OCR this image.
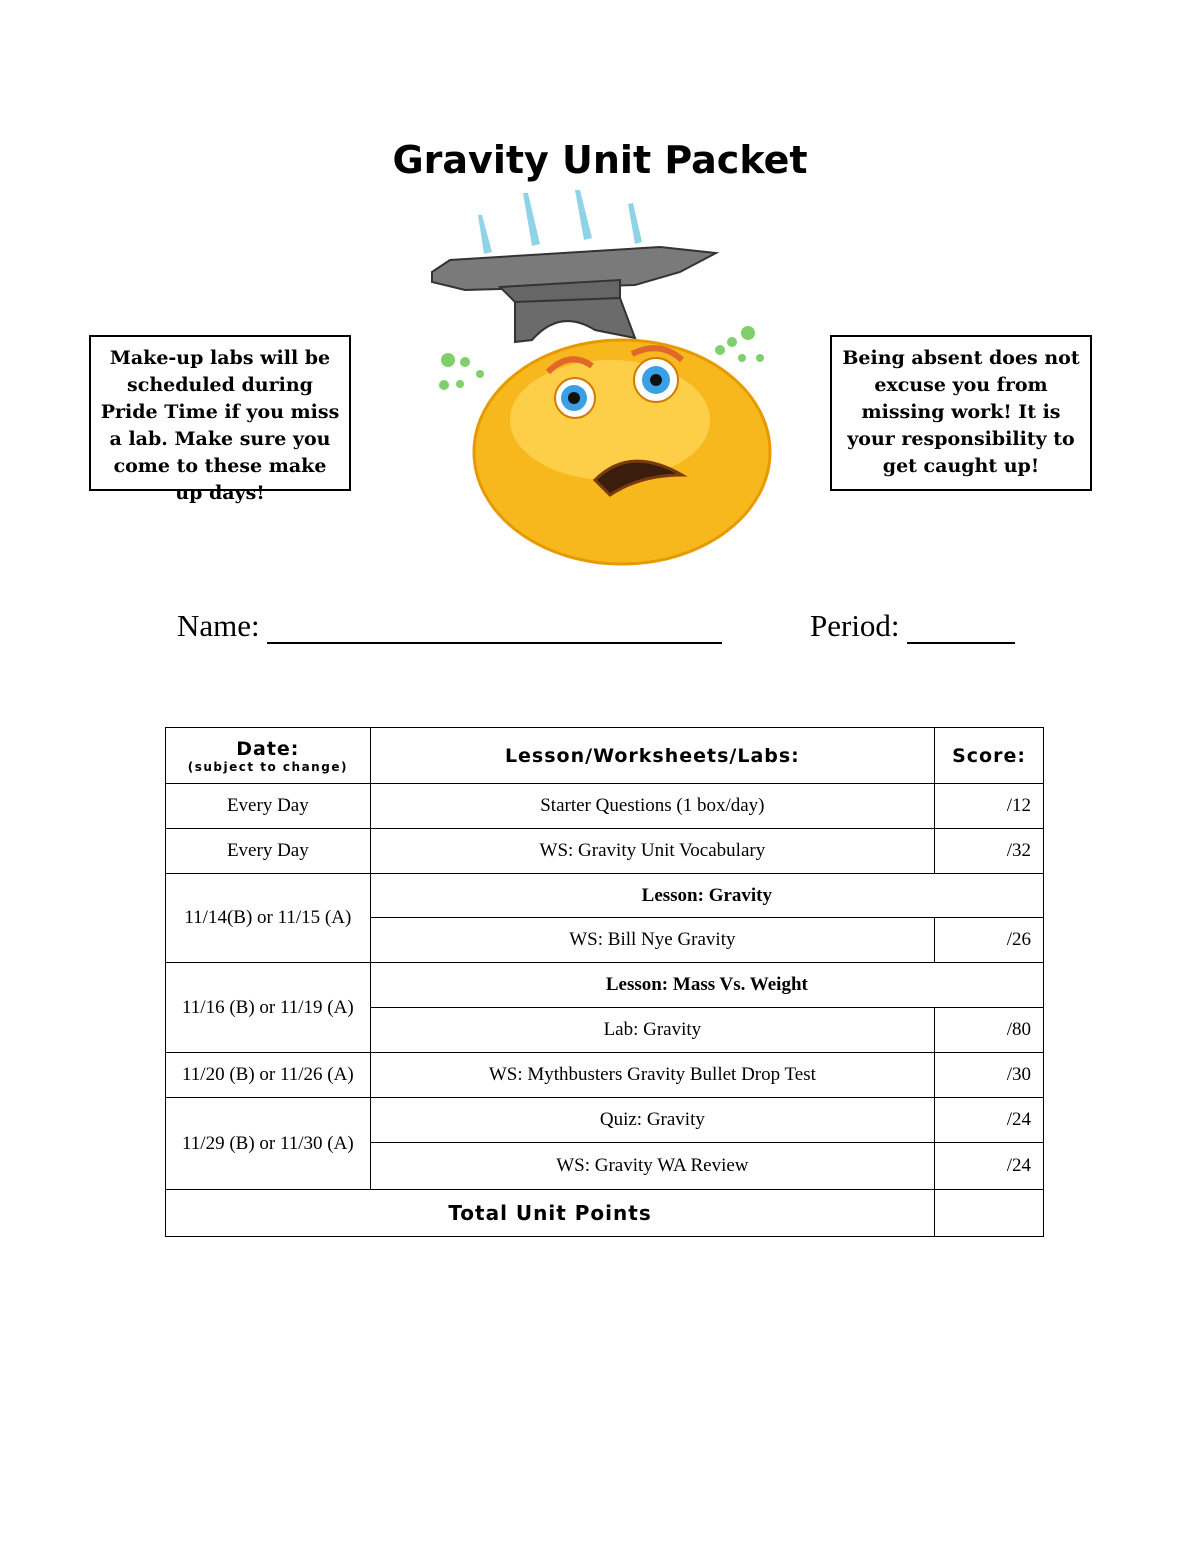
Gravity Unit Packet
Make-up labs will be scheduled during Pride Time if you miss a lab. Make sure you come to these make up days!
Being absent does not excuse you from missing work! It is your responsibility to get caught up!
Name:	Period:
Date:
(subject to change)	Lesson/Worksheets/Labs:	Score:
Every Day	Starter Questions (1 box/day)	/12
Every Day	WS: Gravity Unit Vocabulary	/32
11/14(B) or 11/15 (A)	Lesson: Gravity	
	WS: Bill Nye Gravity	/26
11/16 (B) or 11/19 (A)	Lesson: Mass Vs. Weight	
	Lab: Gravity	/80
11/20 (B) or 11/26 (A)	WS: Mythbusters Gravity Bullet Drop Test	/30
11/29 (B) or 11/30 (A)	Quiz: Gravity	/24
	WS: Gravity WA Review	/24
Total Unit Points		
